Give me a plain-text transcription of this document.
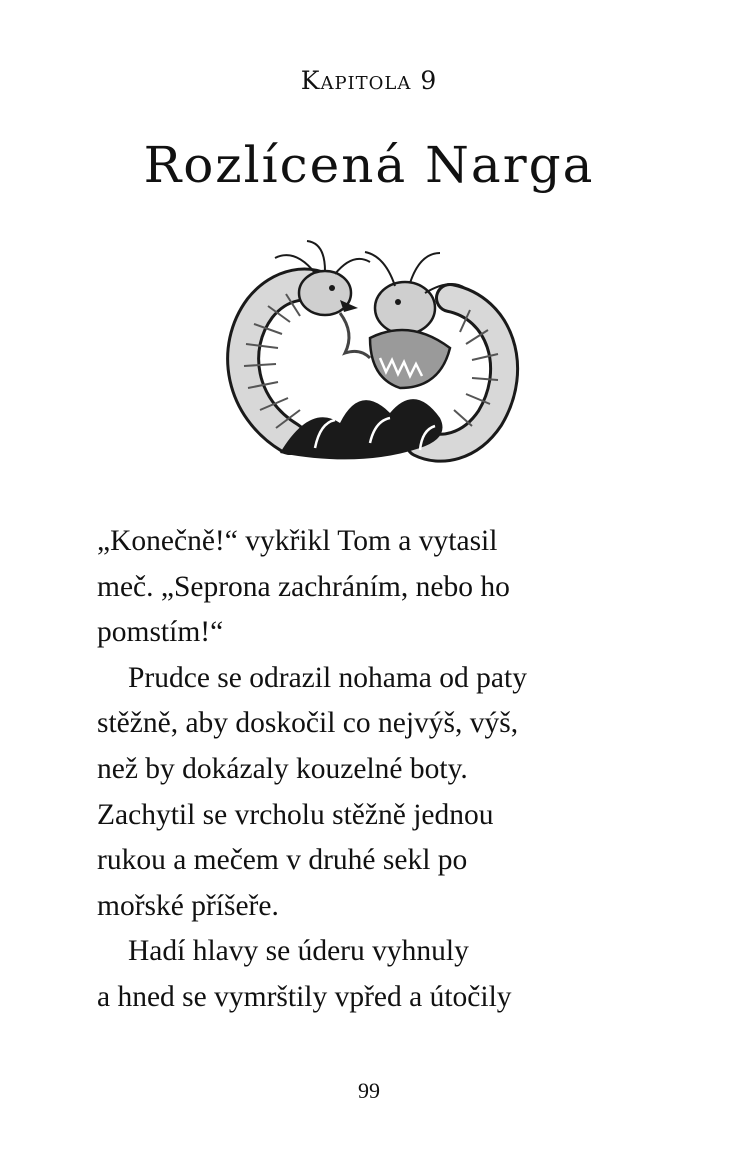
Kapitola 9
Rozlícená Narga
„Konečně!“ vykřikl Tom a vytasil
meč. „Seprona zachráním, nebo ho
pomstím!“
Prudce se odrazil nohama od paty
stěžně, aby doskočil co nejvýš, výš,
než by dokázaly kouzelné boty.
Zachytil se vrcholu stěžně jednou
rukou a mečem v druhé sekl po
mořské příšeře.
Hadí hlavy se úderu vyhnuly
a hned se vymrštily vpřed a útočily
99
